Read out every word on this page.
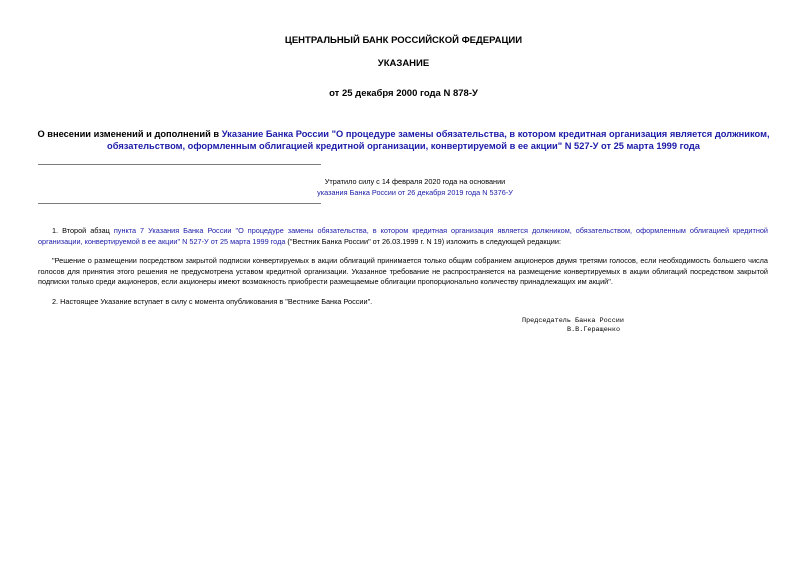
ЦЕНТРАЛЬНЫЙ БАНК РОССИЙСКОЙ ФЕДЕРАЦИИ
УКАЗАНИЕ
от 25 декабря 2000 года N 878-У
О внесении изменений и дополнений в Указание Банка России "О процедуре замены обязательства, в котором кредитная организация является должником, обязательством, оформленным облигацией кредитной организации, конвертируемой в ее акции" N 527-У от 25 марта 1999 года
Утратило силу с 14 февраля 2020 года на основании
указания Банка России от 26 декабря 2019 года N 5376-У
1. Второй абзац пункта 7 Указания Банка России "О процедуре замены обязательства, в котором кредитная организация является должником, обязательством, оформленным облигацией кредитной организации, конвертируемой в ее акции" N 527-У от 25 марта 1999 года ("Вестник Банка России" от 26.03.1999 г. N 19) изложить в следующей редакции:
"Решение о размещении посредством закрытой подписки конвертируемых в акции облигаций принимается только общим собранием акционеров двумя третями голосов, если необходимость большего числа голосов для принятия этого решения не предусмотрена уставом кредитной организации. Указанное требование не распространяется на размещение конвертируемых в акции облигаций посредством закрытой подписки только среди акционеров, если акционеры имеют возможность приобрести размещаемые облигации пропорционально количеству принадлежащих им акций".
2. Настоящее Указание вступает в силу с момента опубликования в "Вестнике Банка России".
Председатель Банка России
В.В.Геращенко
